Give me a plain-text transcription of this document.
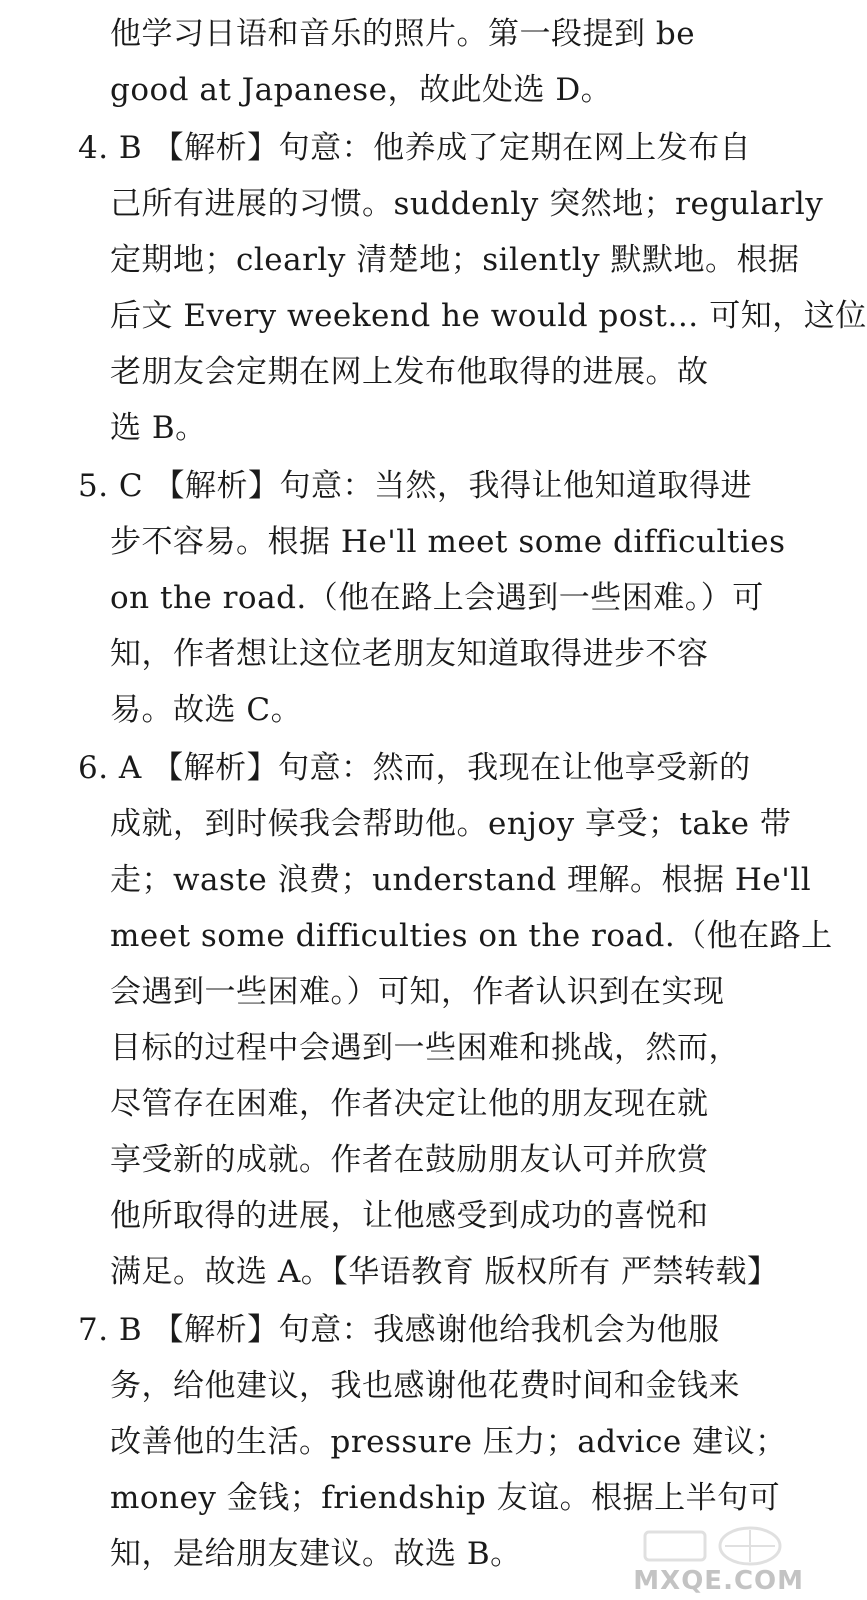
他学习日语和音乐的照片。第一段提到 be
good at Japanese，故此处选 D。
4. B 【解析】句意：他养成了定期在网上发布自
己所有进展的习惯。suddenly 突然地；regularly
定期地；clearly 清楚地；silently 默默地。根据
后文 Every weekend he would post… 可知，这位
老朋友会定期在网上发布他取得的进展。故
选 B。
5. C 【解析】句意：当然，我得让他知道取得进
步不容易。根据 He'll meet some difficulties
on the road.（他在路上会遇到一些困难。）可
知，作者想让这位老朋友知道取得进步不容
易。故选 C。
6. A 【解析】句意：然而，我现在让他享受新的
成就，到时候我会帮助他。enjoy 享受；take 带
走；waste 浪费；understand 理解。根据 He'll
meet some difficulties on the road.（他在路上
会遇到一些困难。）可知，作者认识到在实现
目标的过程中会遇到一些困难和挑战，然而，
尽管存在困难，作者决定让他的朋友现在就
享受新的成就。作者在鼓励朋友认可并欣赏
他所取得的进展，让他感受到成功的喜悦和
满足。故选 A。【华语教育 版权所有 严禁转载】
7. B 【解析】句意：我感谢他给我机会为他服
务，给他建议，我也感谢他花费时间和金钱来
改善他的生活。pressure 压力；advice 建议；
money 金钱；friendship 友谊。根据上半句可
知，是给朋友建议。故选 B。
MXQE.COM
